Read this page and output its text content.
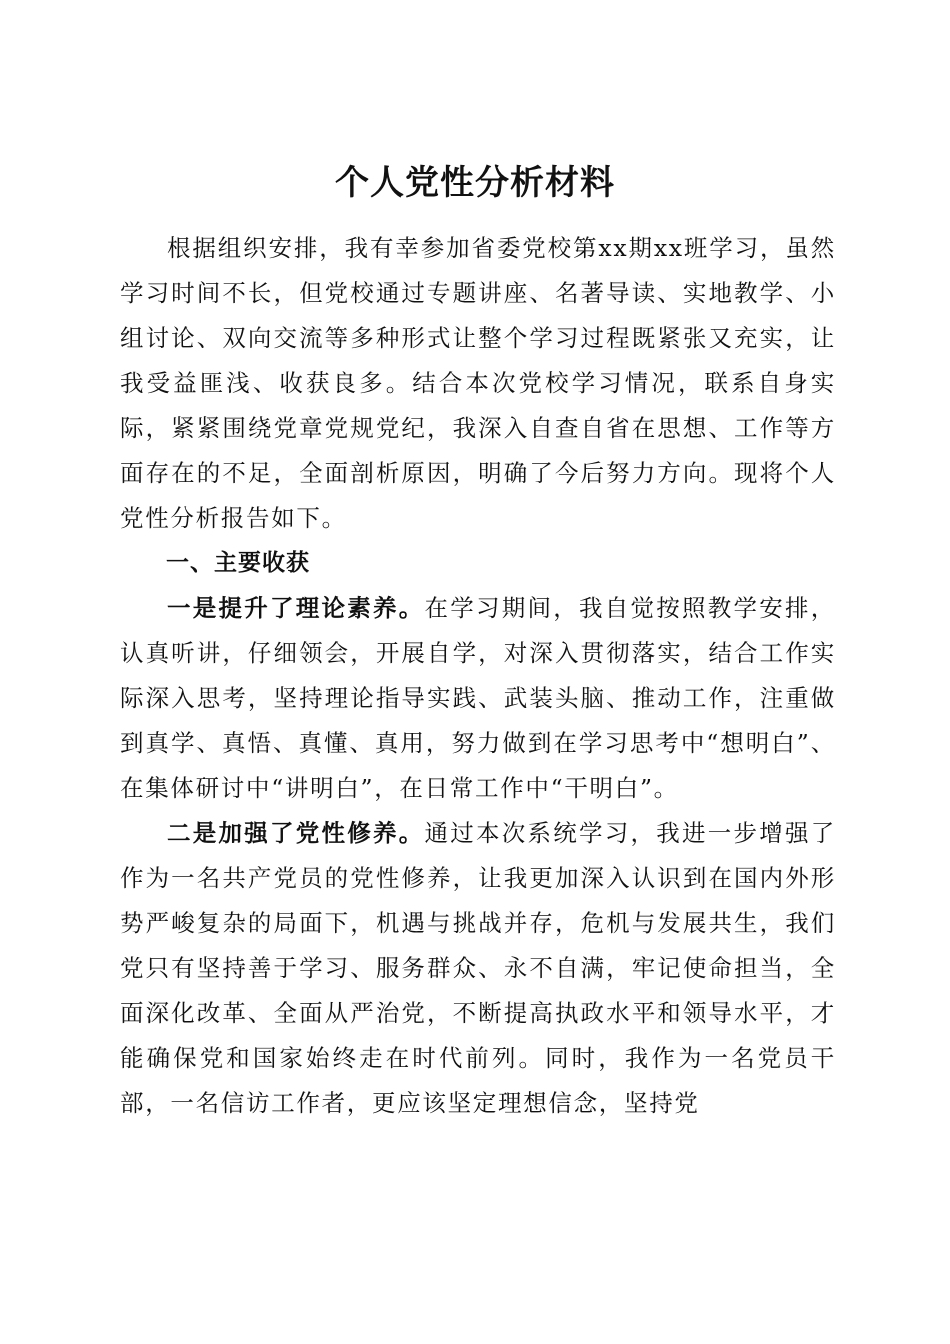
个人党性分析材料

根据组织安排，我有幸参加省委党校第xx期xx班学习，虽然学习时间不长，但党校通过专题讲座、名著导读、实地教学、小组讨论、双向交流等多种形式让整个学习过程既紧张又充实，让我受益匪浅、收获良多。结合本次党校学习情况，联系自身实际，紧紧围绕党章党规党纪，我深入自查自省在思想、工作等方面存在的不足，全面剖析原因，明确了今后努力方向。现将个人党性分析报告如下。

一、主要收获

一是提升了理论素养。在学习期间，我自觉按照教学安排，认真听讲，仔细领会，开展自学，对深入贯彻落实，结合工作实际深入思考，坚持理论指导实践、武装头脑、推动工作，注重做到真学、真悟、真懂、真用，努力做到在学习思考中“想明白”、在集体研讨中“讲明白”，在日常工作中“干明白”。

二是加强了党性修养。通过本次系统学习，我进一步增强了作为一名共产党员的党性修养，让我更加深入认识到在国内外形势严峻复杂的局面下，机遇与挑战并存，危机与发展共生，我们党只有坚持善于学习、服务群众、永不自满，牢记使命担当，全面深化改革、全面从严治党，不断提高执政水平和领导水平，才能确保党和国家始终走在时代前列。同时，我作为一名党员干部，一名信访工作者，更应该坚定理想信念，坚持党
